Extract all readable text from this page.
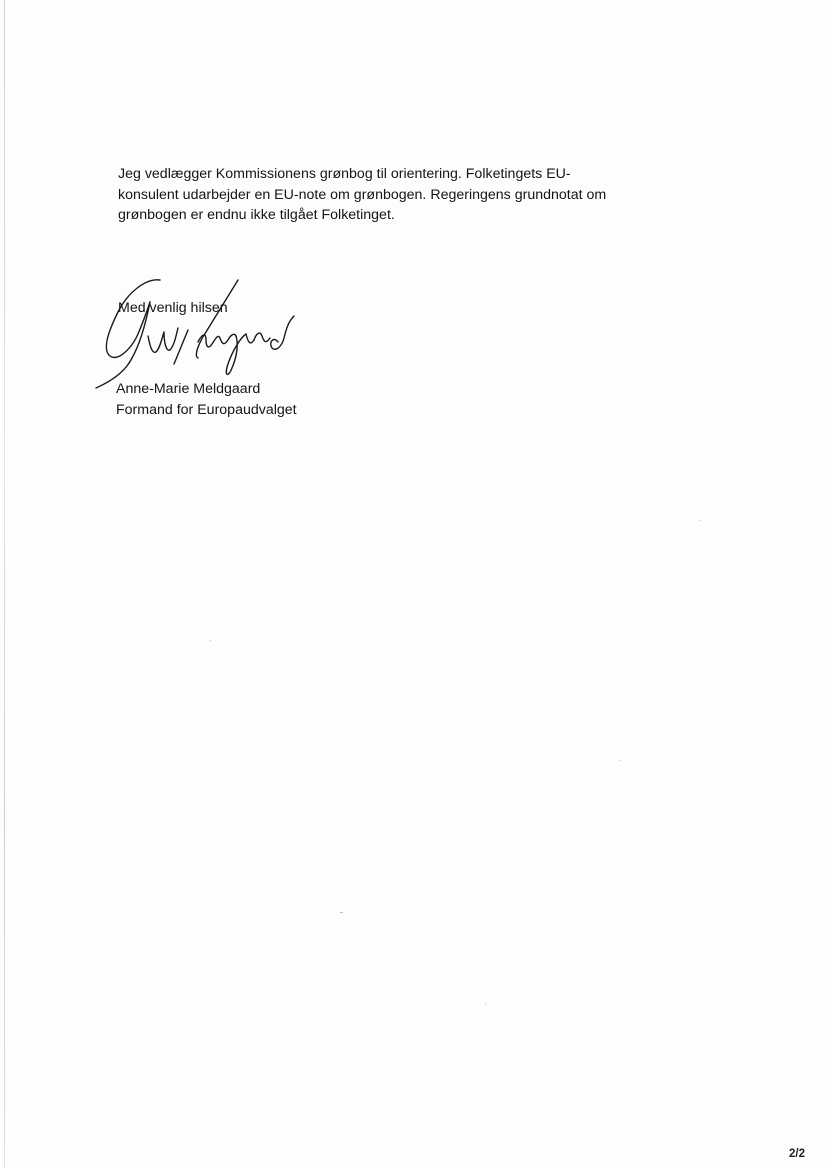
Jeg vedlægger Kommissionens grønbog til orientering. Folketingets EU-
konsulent udarbejder en EU-note om grønbogen. Regeringens grundnotat om
grønbogen er endnu ikke tilgået Folketinget.
Med venlig hilsen
Anne-Marie Meldgaard
Formand for Europaudvalget
2/2
